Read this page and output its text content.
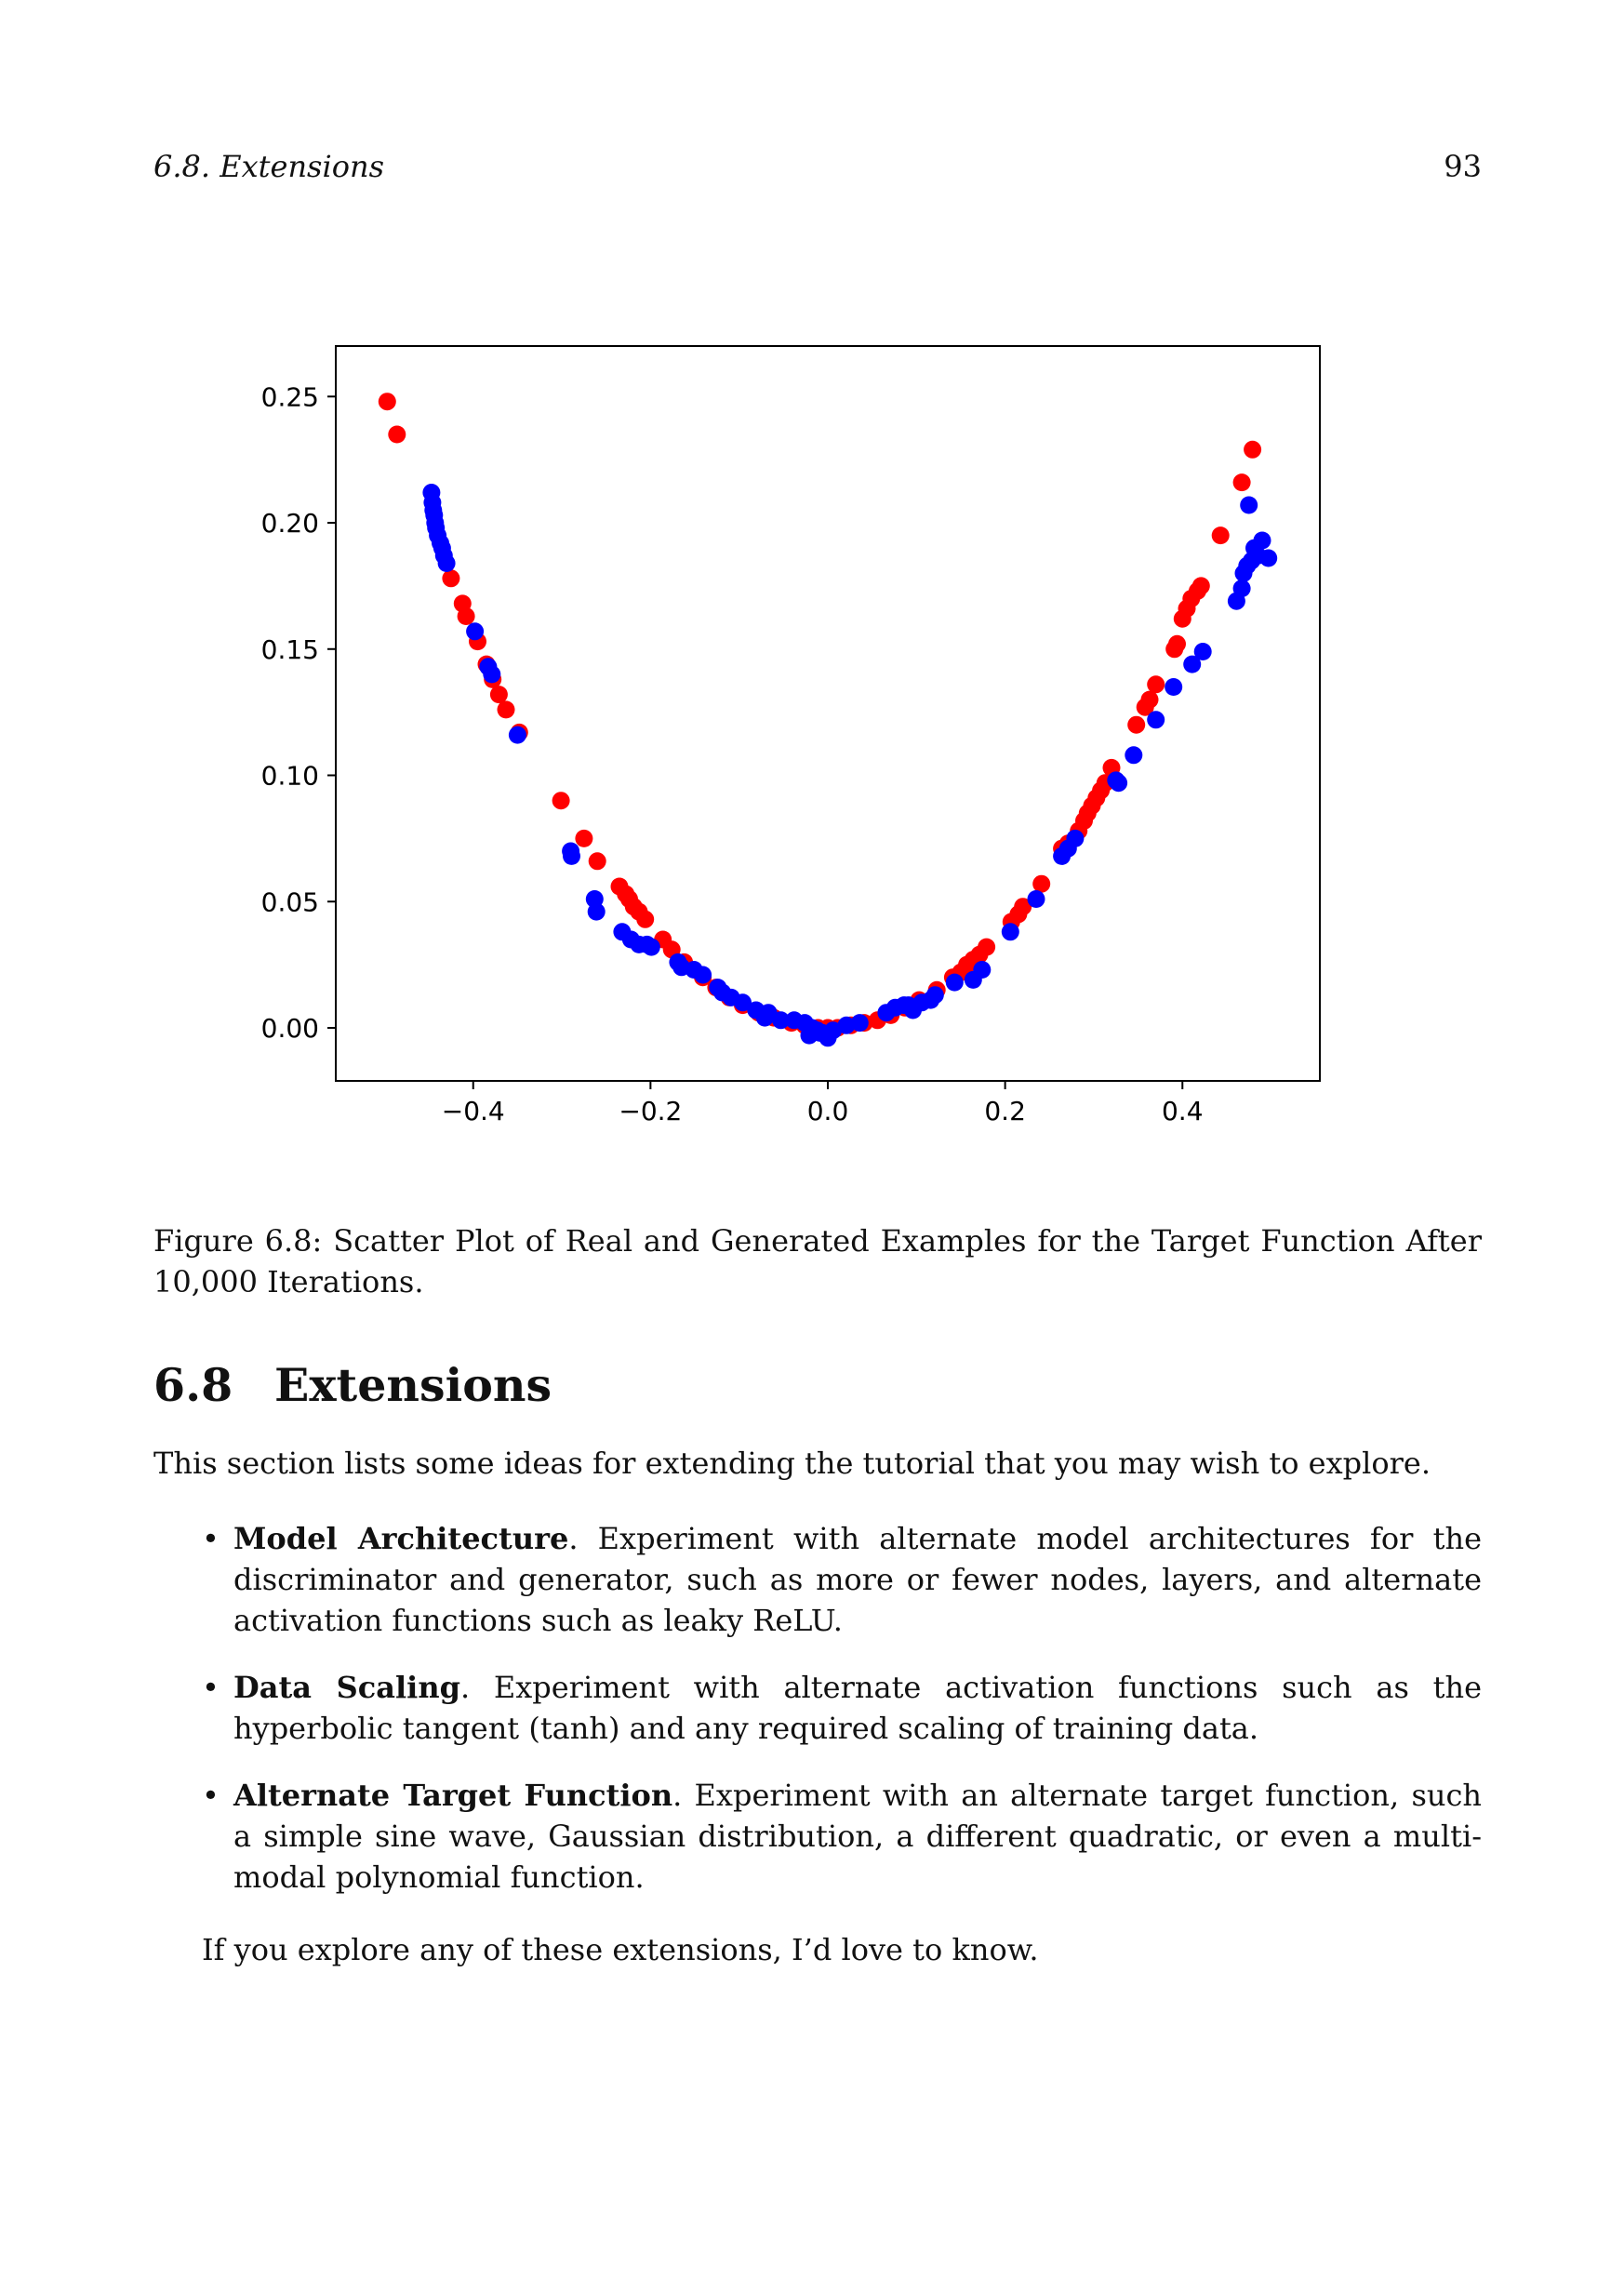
6.8. Extensions	93
−0.4	−0.2	0.0	0.2	0.4
0.00
0.05
0.10
0.15
0.20
0.25
Figure 6.8: Scatter Plot of Real and Generated Examples for the Target Function After 10,000 Iterations.
6.8 Extensions
This section lists some ideas for extending the tutorial that you may wish to explore.
• Model Architecture. Experiment with alternate model architectures for the discriminator and generator, such as more or fewer nodes, layers, and alternate activation functions such as leaky ReLU.
• Data Scaling. Experiment with alternate activation functions such as the hyperbolic tangent (tanh) and any required scaling of training data.
• Alternate Target Function. Experiment with an alternate target function, such a simple sine wave, Gaussian distribution, a different quadratic, or even a multi-modal polynomial function.
If you explore any of these extensions, I’d love to know.
